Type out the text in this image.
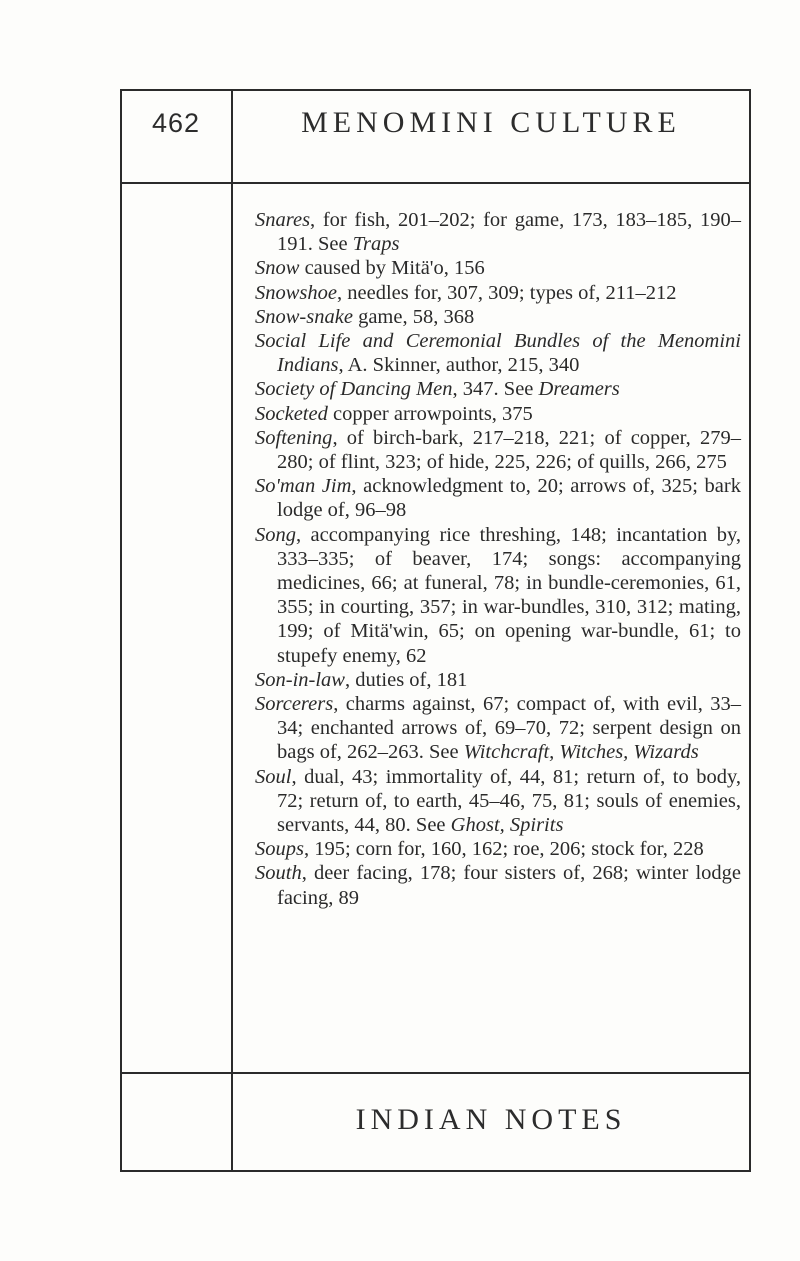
462	MENOMINI CULTURE

Snares, for fish, 201–202; for game, 173, 183–185, 190–191. See Traps

Snow caused by Mitä'o, 156

Snowshoe, needles for, 307, 309; types of, 211–212

Snow-snake game, 58, 368

Social Life and Ceremonial Bundles of the Menomini Indians, A. Skinner, author, 215, 340

Society of Dancing Men, 347. See Dreamers

Socketed copper arrowpoints, 375

Softening, of birch-bark, 217–218, 221; of copper, 279–280; of flint, 323; of hide, 225, 226; of quills, 266, 275

So'man Jim, acknowledgment to, 20; arrows of, 325; bark lodge of, 96–98

Song, accompanying rice threshing, 148; incantation by, 333–335; of beaver, 174; songs: accompanying medicines, 66; at funeral, 78; in bundle-ceremonies, 61, 355; in courting, 357; in war-bundles, 310, 312; mating, 199; of Mitä'win, 65; on opening war-bundle, 61; to stupefy enemy, 62

Son-in-law, duties of, 181

Sorcerers, charms against, 67; compact of, with evil, 33–34; enchanted arrows of, 69–70, 72; serpent design on bags of, 262–263. See Witchcraft, Witches, Wizards

Soul, dual, 43; immortality of, 44, 81; return of, to body, 72; return of, to earth, 45–46, 75, 81; souls of enemies, servants, 44, 80. See Ghost, Spirits

Soups, 195; corn for, 160, 162; roe, 206; stock for, 228

South, deer facing, 178; four sisters of, 268; winter lodge facing, 89

INDIAN NOTES
